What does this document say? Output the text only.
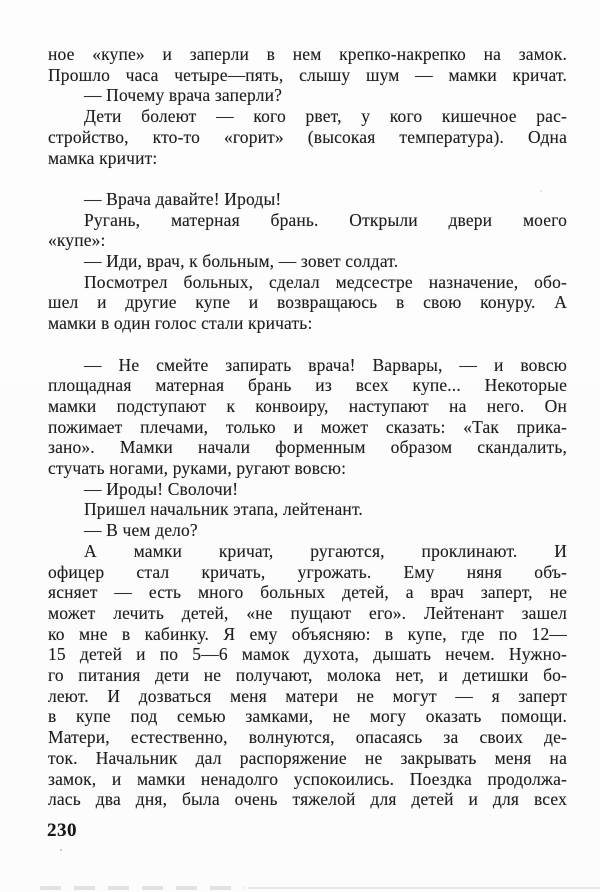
ное «купе» и заперли в нем крепко-накрепко на замок.
Прошло часа четыре—пять, слышу шум — мамки кричат.
— Почему врача заперли?
Дети болеют — кого рвет, у кого кишечное рас-
стройство, кто-то «горит» (высокая температура). Одна
мамка кричит:
— Врача давайте! Ироды!
Ругань, матерная брань. Открыли двери моего
«купе»:
— Иди, врач, к больным, — зовет солдат.
Посмотрел больных, сделал медсестре назначение, обо-
шел и другие купе и возвращаюсь в свою конуру. А
мамки в один голос стали кричать:
— Не смейте запирать врача! Варвары, — и вовсю
площадная матерная брань из всех купе... Некоторые
мамки подступают к конвоиру, наступают на него. Он
пожимает плечами, только и может сказать: «Так прика-
зано». Мамки начали форменным образом скандалить,
стучать ногами, руками, ругают вовсю:
— Ироды! Сволочи!
Пришел начальник этапа, лейтенант.
— В чем дело?
А мамки кричат, ругаются, проклинают. И
офицер стал кричать, угрожать. Ему няня объ-
ясняет — есть много больных детей, а врач заперт, не
может лечить детей, «не пущают его». Лейтенант зашел
ко мне в кабинку. Я ему объясняю: в купе, где по 12—
15 детей и по 5—6 мамок духота, дышать нечем. Нужно-
го питания дети не получают, молока нет, и детишки бо-
леют. И дозваться меня матери не могут — я заперт
в купе под семью замками, не могу оказать помощи.
Матери, естественно, волнуются, опасаясь за своих де-
ток. Начальник дал распоряжение не закрывать меня на
замок, и мамки ненадолго успокоились. Поездка продолжа-
лась два дня, была очень тяжелой для детей и для всех
230
